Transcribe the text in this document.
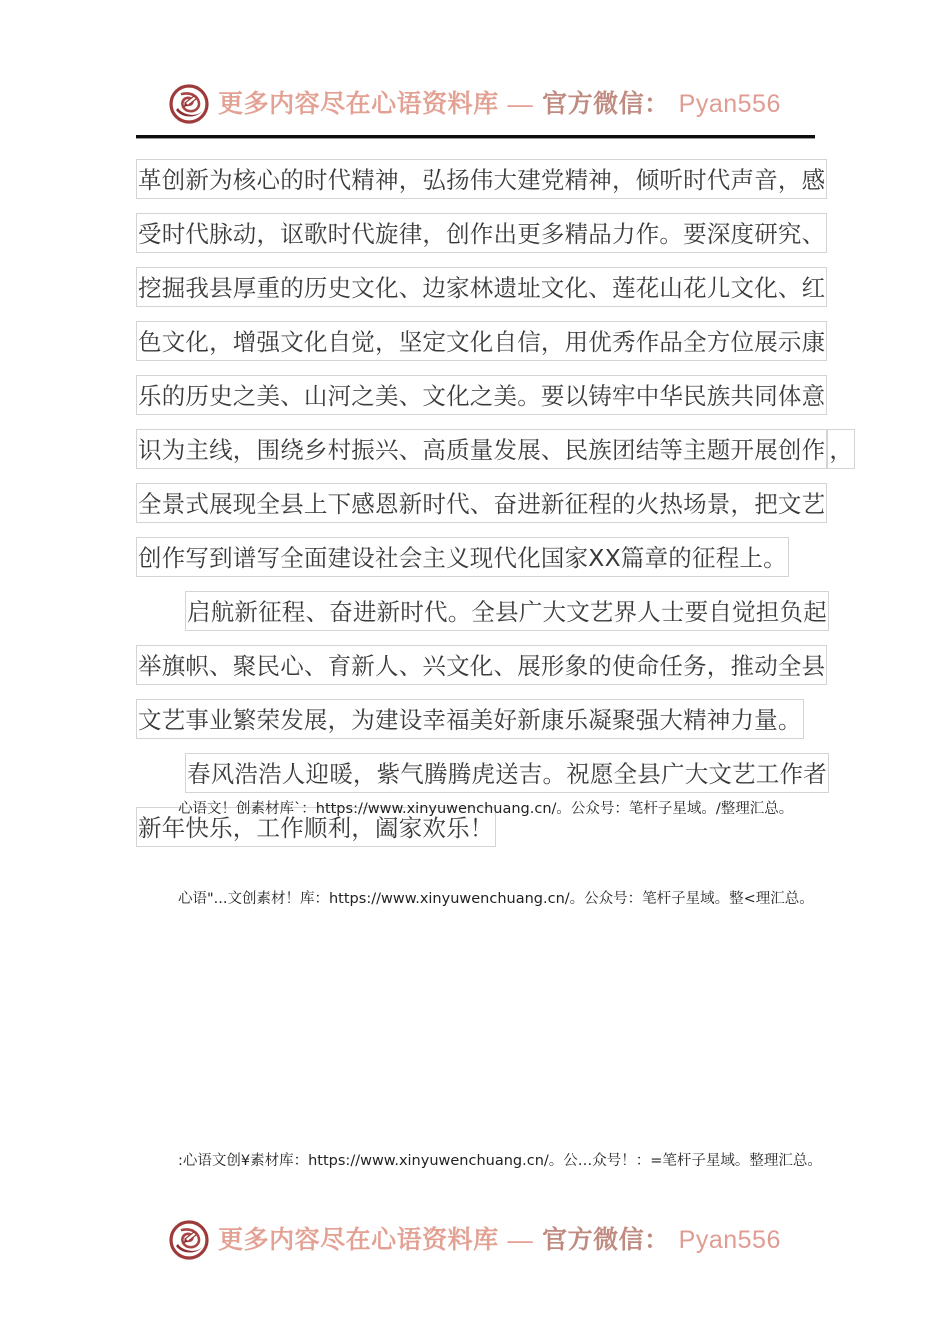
更多内容尽在心语资料库 — 官方微信： Pyan556
革创新为核心的时代精神，弘扬伟大建党精神，倾听时代声音，感
受时代脉动，讴歌时代旋律，创作出更多精品力作。要深度研究、
挖掘我县厚重的历史文化、边家林遗址文化、莲花山花儿文化、红
色文化，增强文化自觉，坚定文化自信，用优秀作品全方位展示康
乐的历史之美、山河之美、文化之美。要以铸牢中华民族共同体意
识为主线，围绕乡村振兴、高质量发展、民族团结等主题开展创作 ，
全景式展现全县上下感恩新时代、奋进新征程的火热场景，把文艺
创作写到谱写全面建设社会主义现代化国家XX篇章的征程上。
启航新征程、奋进新时代。全县广大文艺界人士要自觉担负起
举旗帜、聚民心、育新人、兴文化、展形象的使命任务，推动全县
文艺事业繁荣发展，为建设幸福美好新康乐凝聚强大精神力量。
春风浩浩人迎暖，紫气腾腾虎送吉。祝愿全县广大文艺工作者
新年快乐，工作顺利，阖家欢乐！
心语文！创素材库`：https://www.xinyuwenchuang.cn/。公众号：笔杆子星域。/整理汇总。
心语"...文创素材！库：https://www.xinyuwenchuang.cn/。公众号：笔杆子星域。整<理汇总。
:心语文创¥素材库：https://www.xinyuwenchuang.cn/。公…众号！：=笔杆子星域。整理汇总。
更多内容尽在心语资料库 — 官方微信： Pyan556
